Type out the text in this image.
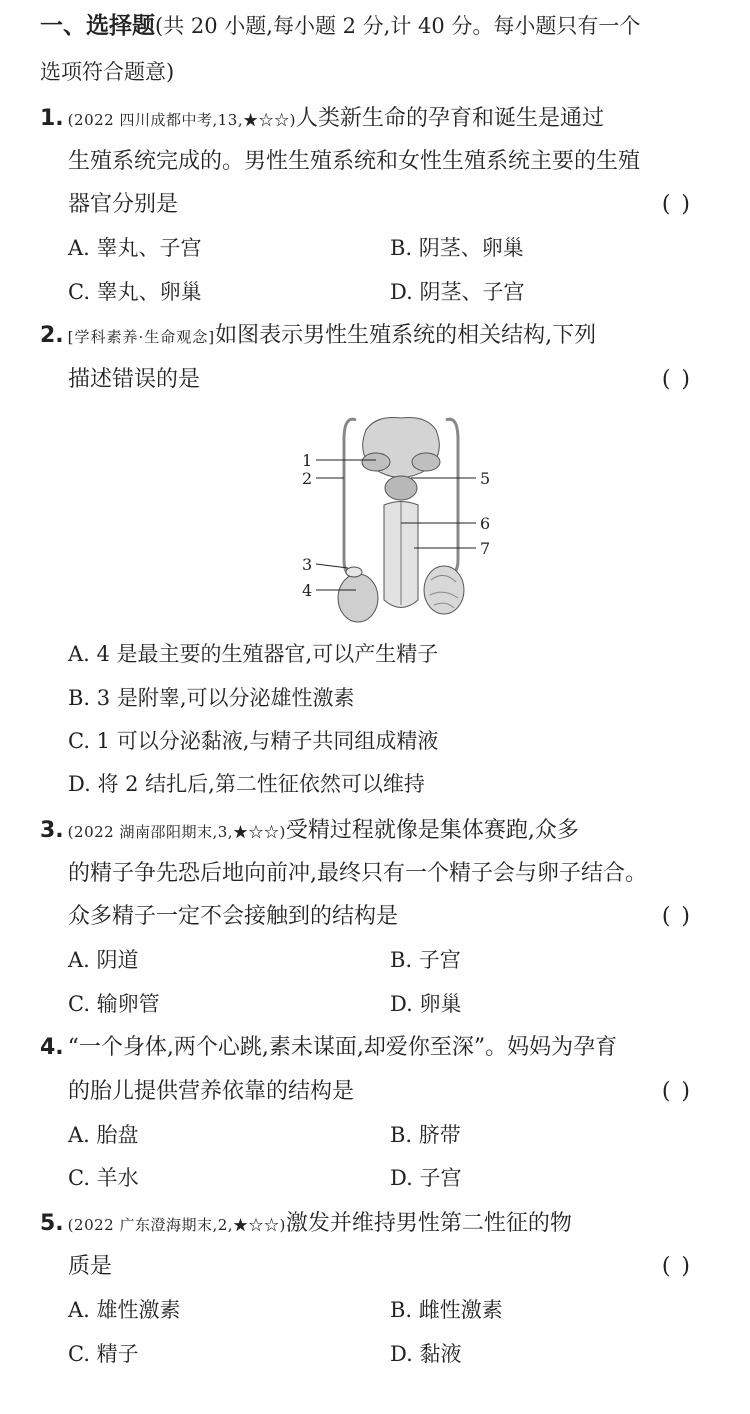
一、选择题(共 20 小题,每小题 2 分,计 40 分。每小题只有一个
选项符合题意)
1. (2022 四川成都中考,13,★☆☆)人类新生命的孕育和诞生是通过
生殖系统完成的。男性生殖系统和女性生殖系统主要的生殖
器官分别是	( )
A. 睾丸、子宫	B. 阴茎、卵巢
C. 睾丸、卵巢	D. 阴茎、子宫
2. [学科素养·生命观念]如图表示男性生殖系统的相关结构,下列
描述错误的是	( )
1
2
3
4
5
6
7
A. 4 是最主要的生殖器官,可以产生精子
B. 3 是附睾,可以分泌雄性激素
C. 1 可以分泌黏液,与精子共同组成精液
D. 将 2 结扎后,第二性征依然可以维持
3. (2022 湖南邵阳期末,3,★☆☆)受精过程就像是集体赛跑,众多
的精子争先恐后地向前冲,最终只有一个精子会与卵子结合。
众多精子一定不会接触到的结构是	( )
A. 阴道	B. 子宫
C. 输卵管	D. 卵巢
4. “一个身体,两个心跳,素未谋面,却爱你至深”。妈妈为孕育
的胎儿提供营养依靠的结构是	( )
A. 胎盘	B. 脐带
C. 羊水	D. 子宫
5. (2022 广东澄海期末,2,★☆☆)激发并维持男性第二性征的物
质是	( )
A. 雄性激素	B. 雌性激素
C. 精子	D. 黏液
